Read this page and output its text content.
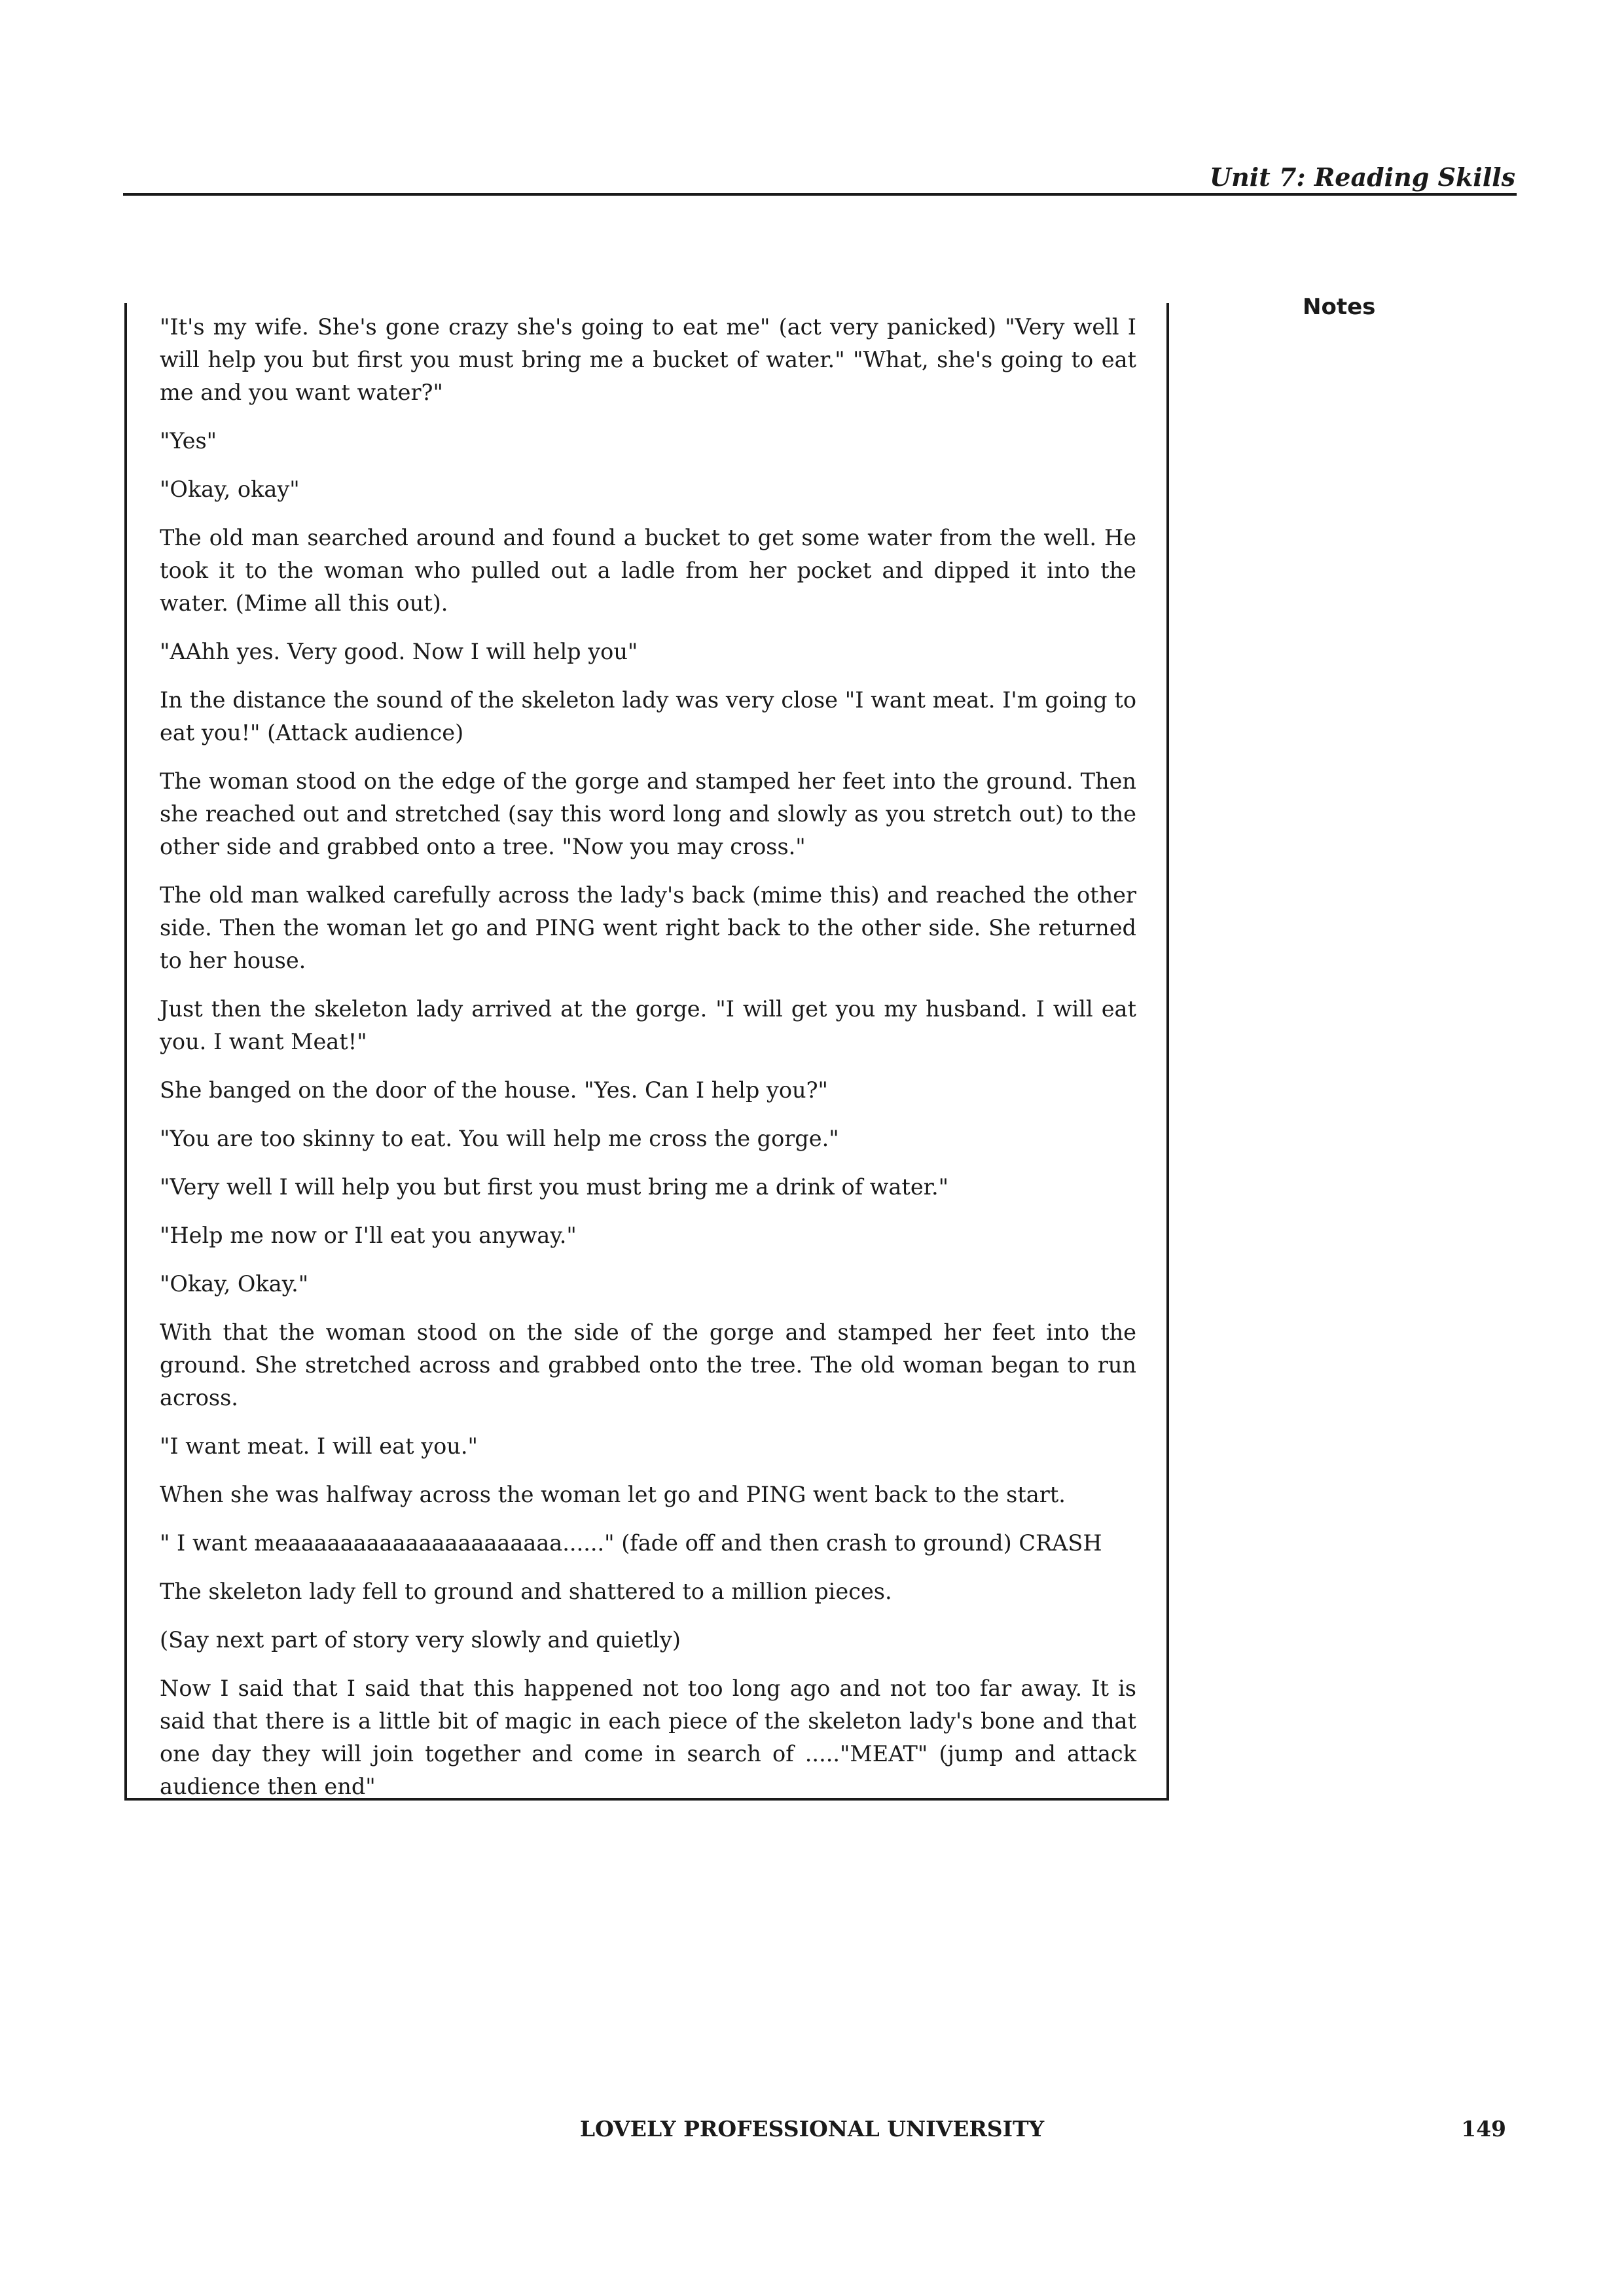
Unit 7: Reading Skills
Notes

"It's my wife. She's gone crazy she's going to eat me" (act very panicked) "Very well I will help you but first you must bring me a bucket of water." "What, she's going to eat me and you want water?"

"Yes"

"Okay, okay"

The old man searched around and found a bucket to get some water from the well. He took it to the woman who pulled out a ladle from her pocket and dipped it into the water. (Mime all this out).

"AAhh yes. Very good. Now I will help you"

In the distance the sound of the skeleton lady was very close "I want meat. I'm going to eat you!" (Attack audience)

The woman stood on the edge of the gorge and stamped her feet into the ground. Then she reached out and stretched (say this word long and slowly as you stretch out) to the other side and grabbed onto a tree. "Now you may cross."

The old man walked carefully across the lady's back (mime this) and reached the other side. Then the woman let go and PING went right back to the other side. She returned to her house.

Just then the skeleton lady arrived at the gorge. "I will get you my husband. I will eat you. I want Meat!"

She banged on the door of the house. "Yes. Can I help you?"

"You are too skinny to eat. You will help me cross the gorge."

"Very well I will help you but first you must bring me a drink of water."

"Help me now or I'll eat you anyway."

"Okay, Okay."

With that the woman stood on the side of the gorge and stamped her feet into the ground. She stretched across and grabbed onto the tree. The old woman began to run across.

"I want meat. I will eat you."

When she was halfway across the woman let go and PING went back to the start.

" I want meaaaaaaaaaaaaaaaaaaaaa......" (fade off and then crash to ground) CRASH

The skeleton lady fell to ground and shattered to a million pieces.

(Say next part of story very slowly and quietly)

Now I said that I said that this happened not too long ago and not too far away. It is said that there is a little bit of magic in each piece of the skeleton lady's bone and that one day they will join together and come in search of ....."MEAT" (jump and attack audience then end"

LOVELY PROFESSIONAL UNIVERSITY	149
